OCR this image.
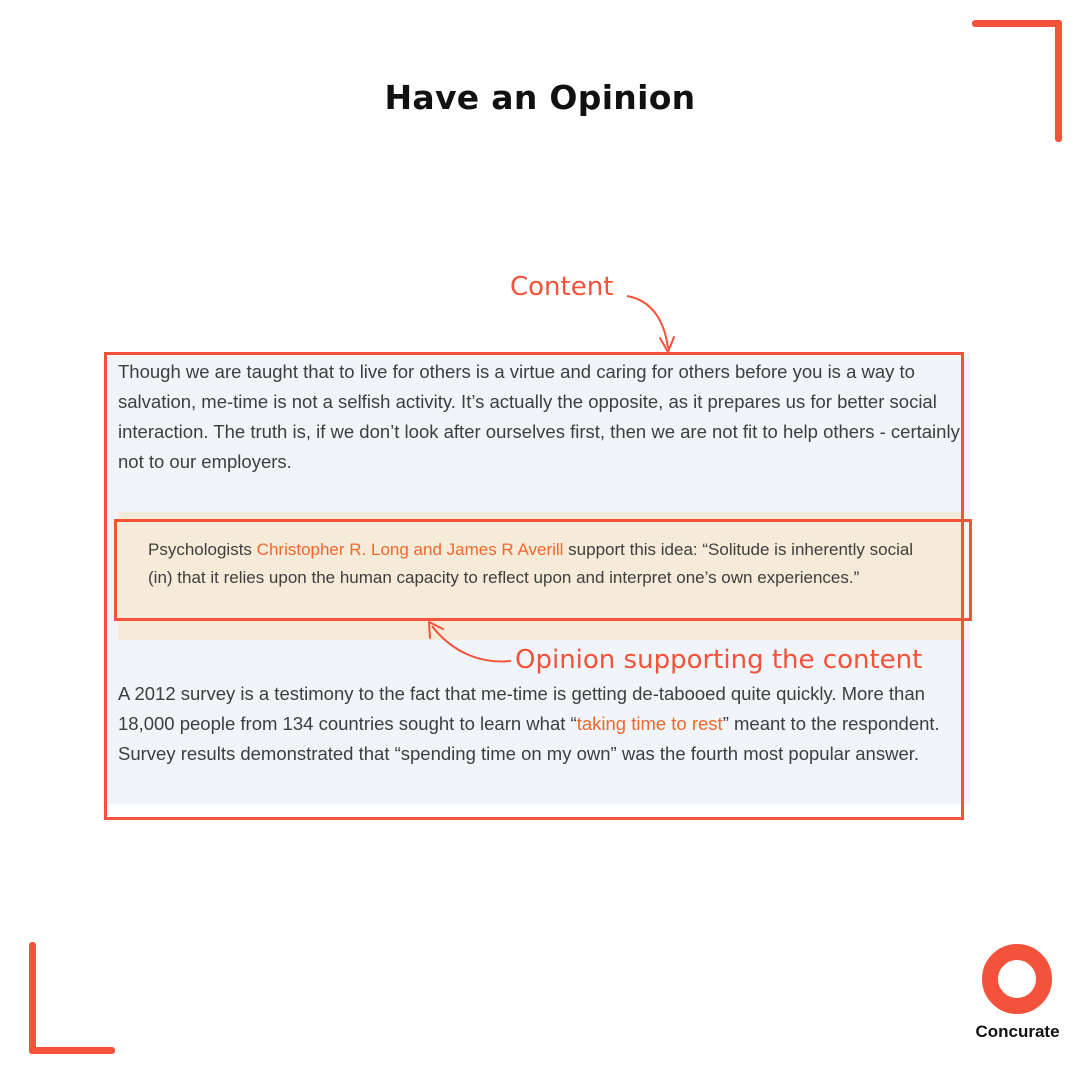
Have an Opinion
Content

Though we are taught that to live for others is a virtue and caring for others before you is a way to salvation, me-time is not a selfish activity. It’s actually the opposite, as it prepares us for better social interaction. The truth is, if we don’t look after ourselves first, then we are not fit to help others - certainly not to our employers.

Psychologists Christopher R. Long and James R Averill support this idea: “Solitude is inherently social (in) that it relies upon the human capacity to reflect upon and interpret one’s own experiences.”

A 2012 survey is a testimony to the fact that me-time is getting de-tabooed quite quickly. More than 18,000 people from 134 countries sought to learn what “taking time to rest” meant to the respondent. Survey results demonstrated that “spending time on my own” was the fourth most popular answer.

Opinion supporting the content
Concurate
